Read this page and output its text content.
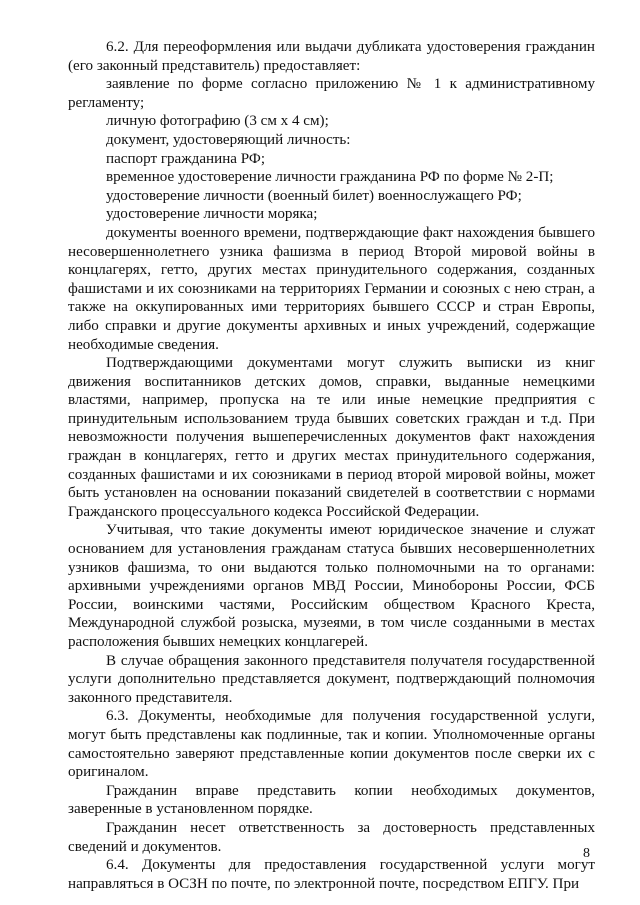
6.2. Для переоформления или выдачи дубликата удостоверения гражданин (его законный представитель) предоставляет:

заявление по форме согласно приложению № 1 к административному регламенту;

личную фотографию (3 см х 4 см);

документ, удостоверяющий личность:

паспорт гражданина РФ;

временное удостоверение личности гражданина РФ по форме № 2-П;

удостоверение личности (военный билет) военнослужащего РФ;

удостоверение личности моряка;

документы военного времени, подтверждающие факт нахождения бывшего несовершеннолетнего узника фашизма в период Второй мировой войны в концлагерях, гетто, других местах принудительного содержания, созданных фашистами и их союзниками на территориях Германии и союзных с нею стран, а также на оккупированных ими территориях бывшего СССР и стран Европы, либо справки и другие документы архивных и иных учреждений, содержащие необходимые сведения.

Подтверждающими документами могут служить выписки из книг движения воспитанников детских домов, справки, выданные немецкими властями, например, пропуска на те или иные немецкие предприятия с принудительным использованием труда бывших советских граждан и т.д. При невозможности получения вышеперечисленных документов факт нахождения граждан в концлагерях, гетто и других местах принудительного содержания, созданных фашистами и их союзниками в период второй мировой войны, может быть установлен на основании показаний свидетелей в соответствии с нормами Гражданского процессуального кодекса Российской Федерации.

Учитывая, что такие документы имеют юридическое значение и служат основанием для установления гражданам статуса бывших несовершеннолетних узников фашизма, то они выдаются только полномочными на то органами: архивными учреждениями органов МВД России, Минобороны России, ФСБ России, воинскими частями, Российским обществом Красного Креста, Международной службой розыска, музеями, в том числе созданными в местах расположения бывших немецких концлагерей.

В случае обращения законного представителя получателя государственной услуги дополнительно представляется документ, подтверждающий полномочия законного представителя.

6.3. Документы, необходимые для получения государственной услуги, могут быть представлены как подлинные, так и копии. Уполномоченные органы самостоятельно заверяют представленные копии документов после сверки их с оригиналом.

Гражданин вправе представить копии необходимых документов, заверенные в установленном порядке.

Гражданин несет ответственность за достоверность представленных сведений и документов.

6.4. Документы для предоставления государственной услуги могут направляться в ОСЗН по почте, по электронной почте, посредством ЕПГУ. При

8
